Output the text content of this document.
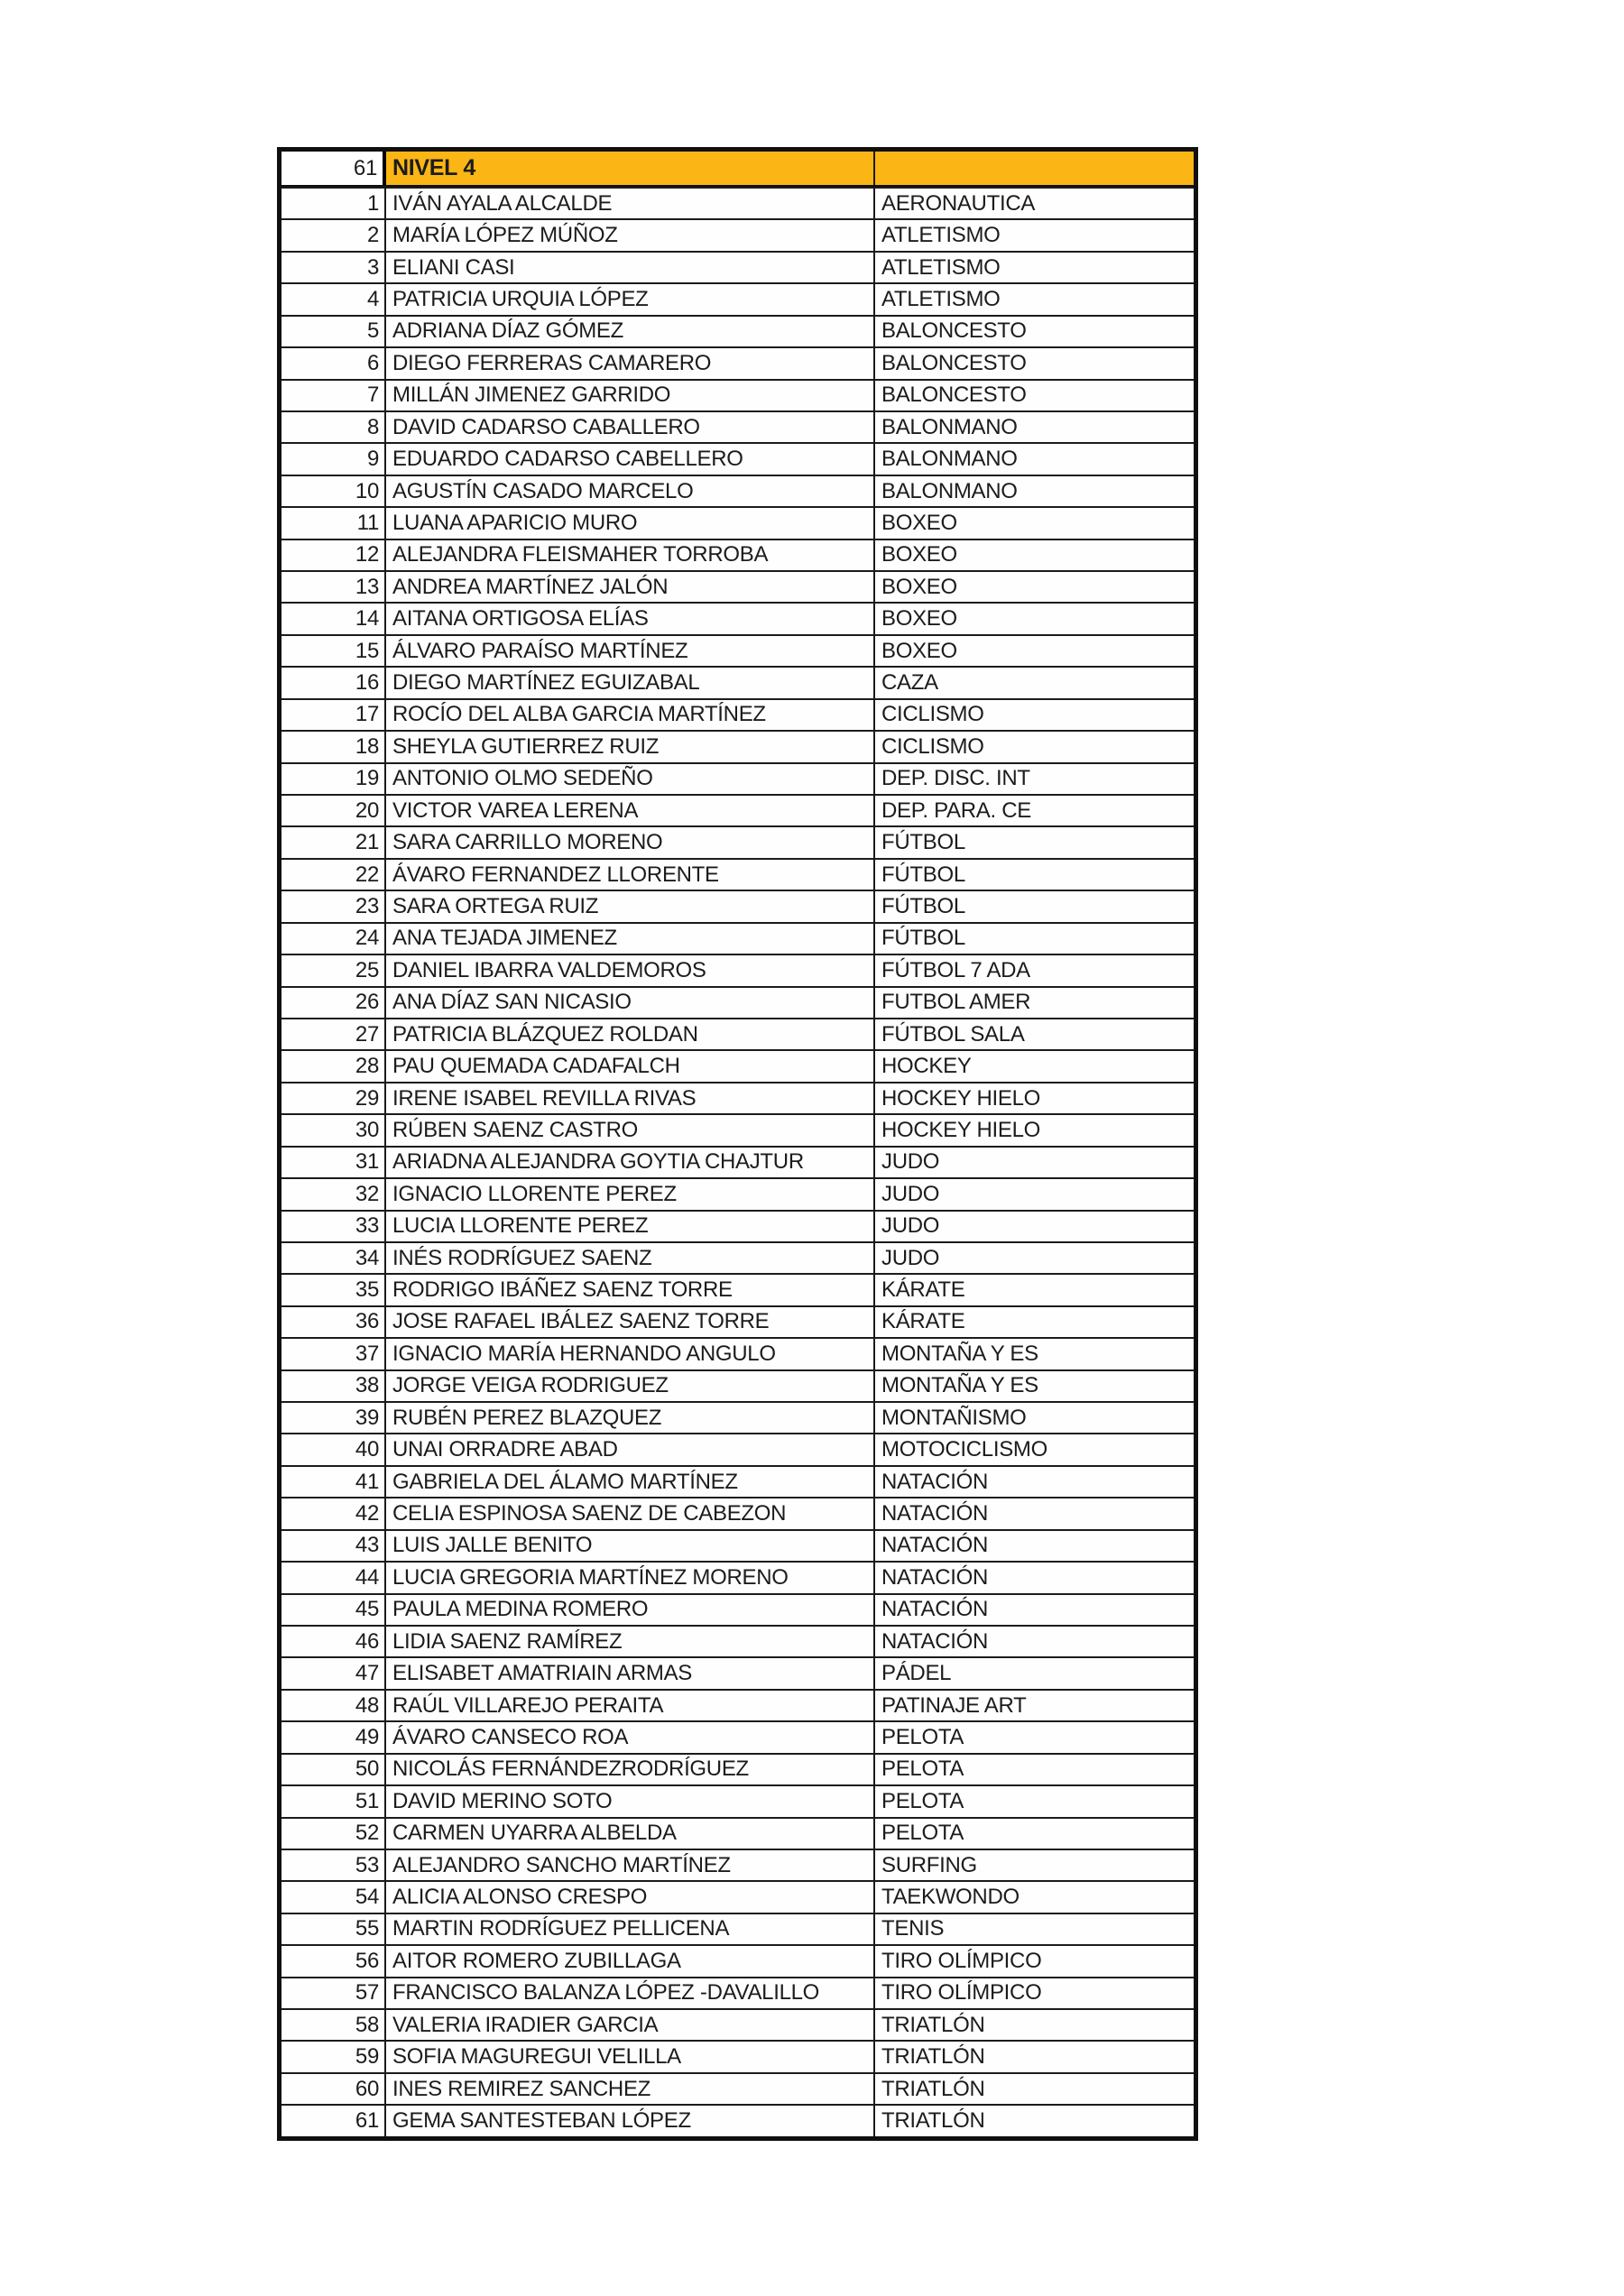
61 NIVEL 4
1 IVÁN AYALA ALCALDE	AERONAUTICA
2 MARÍA LÓPEZ MÚÑOZ	ATLETISMO
3 ELIANI CASI	ATLETISMO
4 PATRICIA URQUIA LÓPEZ	ATLETISMO
5 ADRIANA DÍAZ GÓMEZ	BALONCESTO
6 DIEGO FERRERAS CAMARERO	BALONCESTO
7 MILLÁN JIMENEZ GARRIDO	BALONCESTO
8 DAVID CADARSO CABALLERO	BALONMANO
9 EDUARDO CADARSO CABELLERO	BALONMANO
10 AGUSTÍN CASADO MARCELO	BALONMANO
11 LUANA APARICIO MURO	BOXEO
12 ALEJANDRA FLEISMAHER TORROBA	BOXEO
13 ANDREA MARTÍNEZ JALÓN	BOXEO
14 AITANA ORTIGOSA ELÍAS	BOXEO
15 ÁLVARO PARAÍSO MARTÍNEZ	BOXEO
16 DIEGO MARTÍNEZ EGUIZABAL	CAZA
17 ROCÍO DEL ALBA GARCIA MARTÍNEZ	CICLISMO
18 SHEYLA GUTIERREZ RUIZ	CICLISMO
19 ANTONIO OLMO SEDEÑO	DEP. DISC. INT
20 VICTOR VAREA LERENA	DEP. PARA. CE
21 SARA CARRILLO MORENO	FÚTBOL
22 ÁVARO FERNANDEZ LLORENTE	FÚTBOL
23 SARA ORTEGA RUIZ	FÚTBOL
24 ANA TEJADA JIMENEZ	FÚTBOL
25 DANIEL IBARRA VALDEMOROS	FÚTBOL 7 ADA
26 ANA DÍAZ SAN NICASIO	FUTBOL AMER
27 PATRICIA BLÁZQUEZ ROLDAN	FÚTBOL SALA
28 PAU QUEMADA CADAFALCH	HOCKEY
29 IRENE ISABEL REVILLA RIVAS	HOCKEY HIELO
30 RÚBEN SAENZ CASTRO	HOCKEY HIELO
31 ARIADNA ALEJANDRA GOYTIA CHAJTUR	JUDO
32 IGNACIO LLORENTE PEREZ	JUDO
33 LUCIA LLORENTE PEREZ	JUDO
34 INÉS RODRÍGUEZ SAENZ	JUDO
35 RODRIGO IBÁÑEZ SAENZ TORRE	KÁRATE
36 JOSE RAFAEL IBÁLEZ SAENZ TORRE	KÁRATE
37 IGNACIO MARÍA HERNANDO ANGULO	MONTAÑA Y ES
38 JORGE VEIGA RODRIGUEZ	MONTAÑA Y ES
39 RUBÉN PEREZ BLAZQUEZ	MONTAÑISMO
40 UNAI ORRADRE ABAD	MOTOCICLISMO
41 GABRIELA DEL ÁLAMO MARTÍNEZ	NATACIÓN
42 CELIA ESPINOSA SAENZ DE CABEZON	NATACIÓN
43 LUIS JALLE BENITO	NATACIÓN
44 LUCIA GREGORIA MARTÍNEZ MORENO	NATACIÓN
45 PAULA MEDINA ROMERO	NATACIÓN
46 LIDIA SAENZ RAMÍREZ	NATACIÓN
47 ELISABET AMATRIAIN ARMAS	PÁDEL
48 RAÚL VILLAREJO PERAITA	PATINAJE ART
49 ÁVARO CANSECO ROA	PELOTA
50 NICOLÁS FERNÁNDEZRODRÍGUEZ	PELOTA
51 DAVID MERINO SOTO	PELOTA
52 CARMEN UYARRA ALBELDA	PELOTA
53 ALEJANDRO SANCHO MARTÍNEZ	SURFING
54 ALICIA ALONSO CRESPO	TAEKWONDO
55 MARTIN RODRÍGUEZ PELLICENA	TENIS
56 AITOR ROMERO ZUBILLAGA	TIRO OLÍMPICO
57 FRANCISCO BALANZA LÓPEZ -DAVALILLO	TIRO OLÍMPICO
58 VALERIA IRADIER GARCIA	TRIATLÓN
59 SOFIA MAGUREGUI VELILLA	TRIATLÓN
60 INES REMIREZ SANCHEZ	TRIATLÓN
61 GEMA SANTESTEBAN LÓPEZ	TRIATLÓN
